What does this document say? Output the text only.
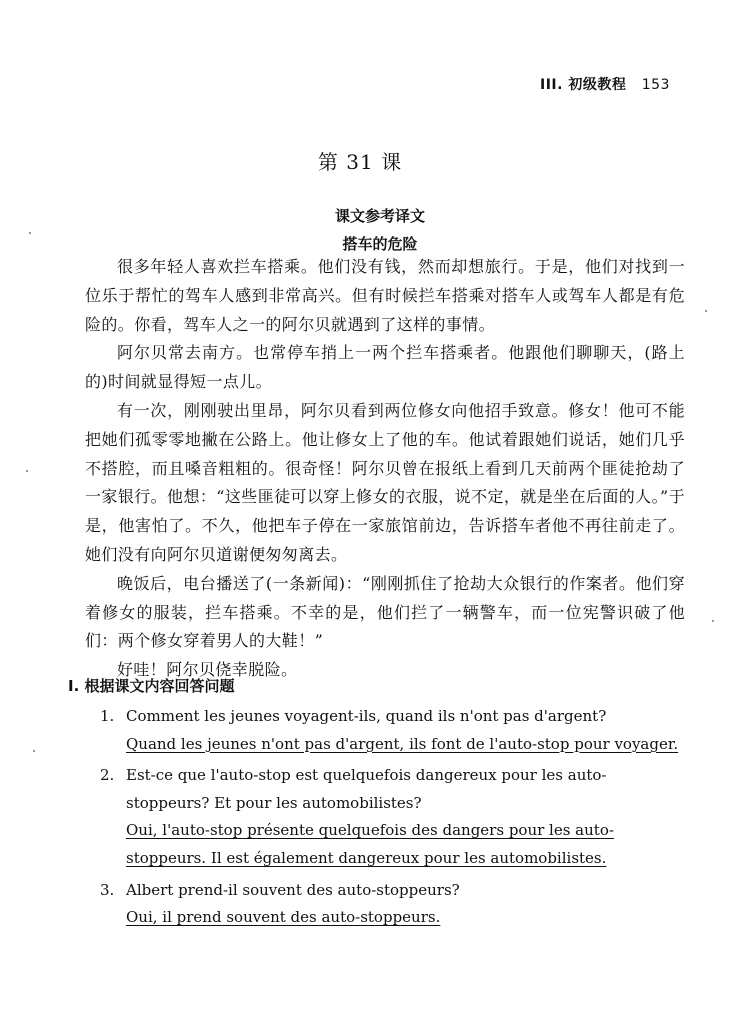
III. 初级教程 153
第 31 课
课文参考译文
搭车的危险

很多年轻人喜欢拦车搭乘。他们没有钱，然而却想旅行。于是，他们对找到一位乐于帮忙的驾车人感到非常高兴。但有时候拦车搭乘对搭车人或驾车人都是有危险的。你看，驾车人之一的阿尔贝就遇到了这样的事情。

阿尔贝常去南方。也常停车捎上一两个拦车搭乘者。他跟他们聊聊天，(路上的)时间就显得短一点儿。

有一次，刚刚驶出里昂，阿尔贝看到两位修女向他招手致意。修女！他可不能把她们孤零零地撇在公路上。他让修女上了他的车。他试着跟她们说话，她们几乎不搭腔，而且嗓音粗粗的。很奇怪！阿尔贝曾在报纸上看到几天前两个匪徒抢劫了一家银行。他想：“这些匪徒可以穿上修女的衣服，说不定，就是坐在后面的人。”于是，他害怕了。不久，他把车子停在一家旅馆前边，告诉搭车者他不再往前走了。她们没有向阿尔贝道谢便匆匆离去。

晚饭后，电台播送了(一条新闻)：“刚刚抓住了抢劫大众银行的作案者。他们穿着修女的服装，拦车搭乘。不幸的是，他们拦了一辆警车，而一位宪警识破了他们：两个修女穿着男人的大鞋！”

好哇！阿尔贝侥幸脱险。

I. 根据课文内容回答问题
1. Comment les jeunes voyagent-ils, quand ils n'ont pas d'argent?
Quand les jeunes n'ont pas d'argent, ils font de l'auto-stop pour voyager.
2. Est-ce que l'auto-stop est quelquefois dangereux pour les auto-stoppeurs? Et pour les automobilistes?
Oui, l'auto-stop présente quelquefois des dangers pour les auto-stoppeurs. Il est également dangereux pour les automobilistes.
3. Albert prend-il souvent des auto-stoppeurs?
Oui, il prend souvent des auto-stoppeurs.
